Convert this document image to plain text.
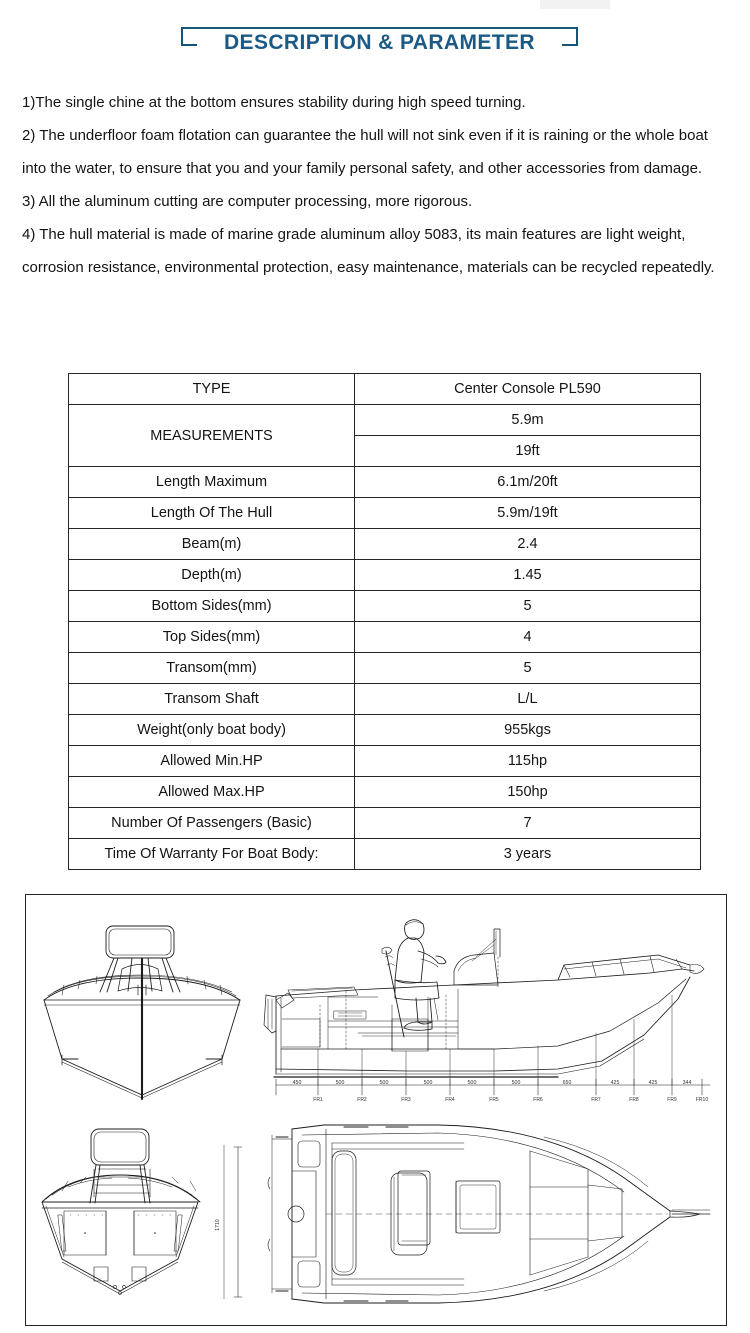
DESCRIPTION & PARAMETER

1)The single chine at the bottom ensures stability during high speed turning.

2) The underfloor foam flotation can guarantee the hull will not sink even if it is raining or the whole boat into the water, to ensure that you and your family personal safety, and other accessories from damage.

3) All the aluminum cutting are computer processing, more rigorous.

4) The hull material is made of marine grade aluminum alloy 5083, its main features are light weight, corrosion resistance, environmental protection, easy maintenance, materials can be recycled repeatedly.

TYPE	Center Console PL590
MEASUREMENTS	5.9m
	19ft
Length Maximum	6.1m/20ft
Length Of The Hull	5.9m/19ft
Beam(m)	2.4
Depth(m)	1.45
Bottom Sides(mm)	5
Top Sides(mm)	4
Transom(mm)	5
Transom Shaft	L/L
Weight(only boat body)	955kgs
Allowed Min.HP	115hp
Allowed Max.HP	150hp
Number Of Passengers (Basic)	7
Time Of Warranty For Boat Body:	3 years
450	500	500	500	500	500	650	425	425	344
FR1	FR2	FR3	FR4	FR5	FR6	FR7	FR8	FR9	FR10
1710
